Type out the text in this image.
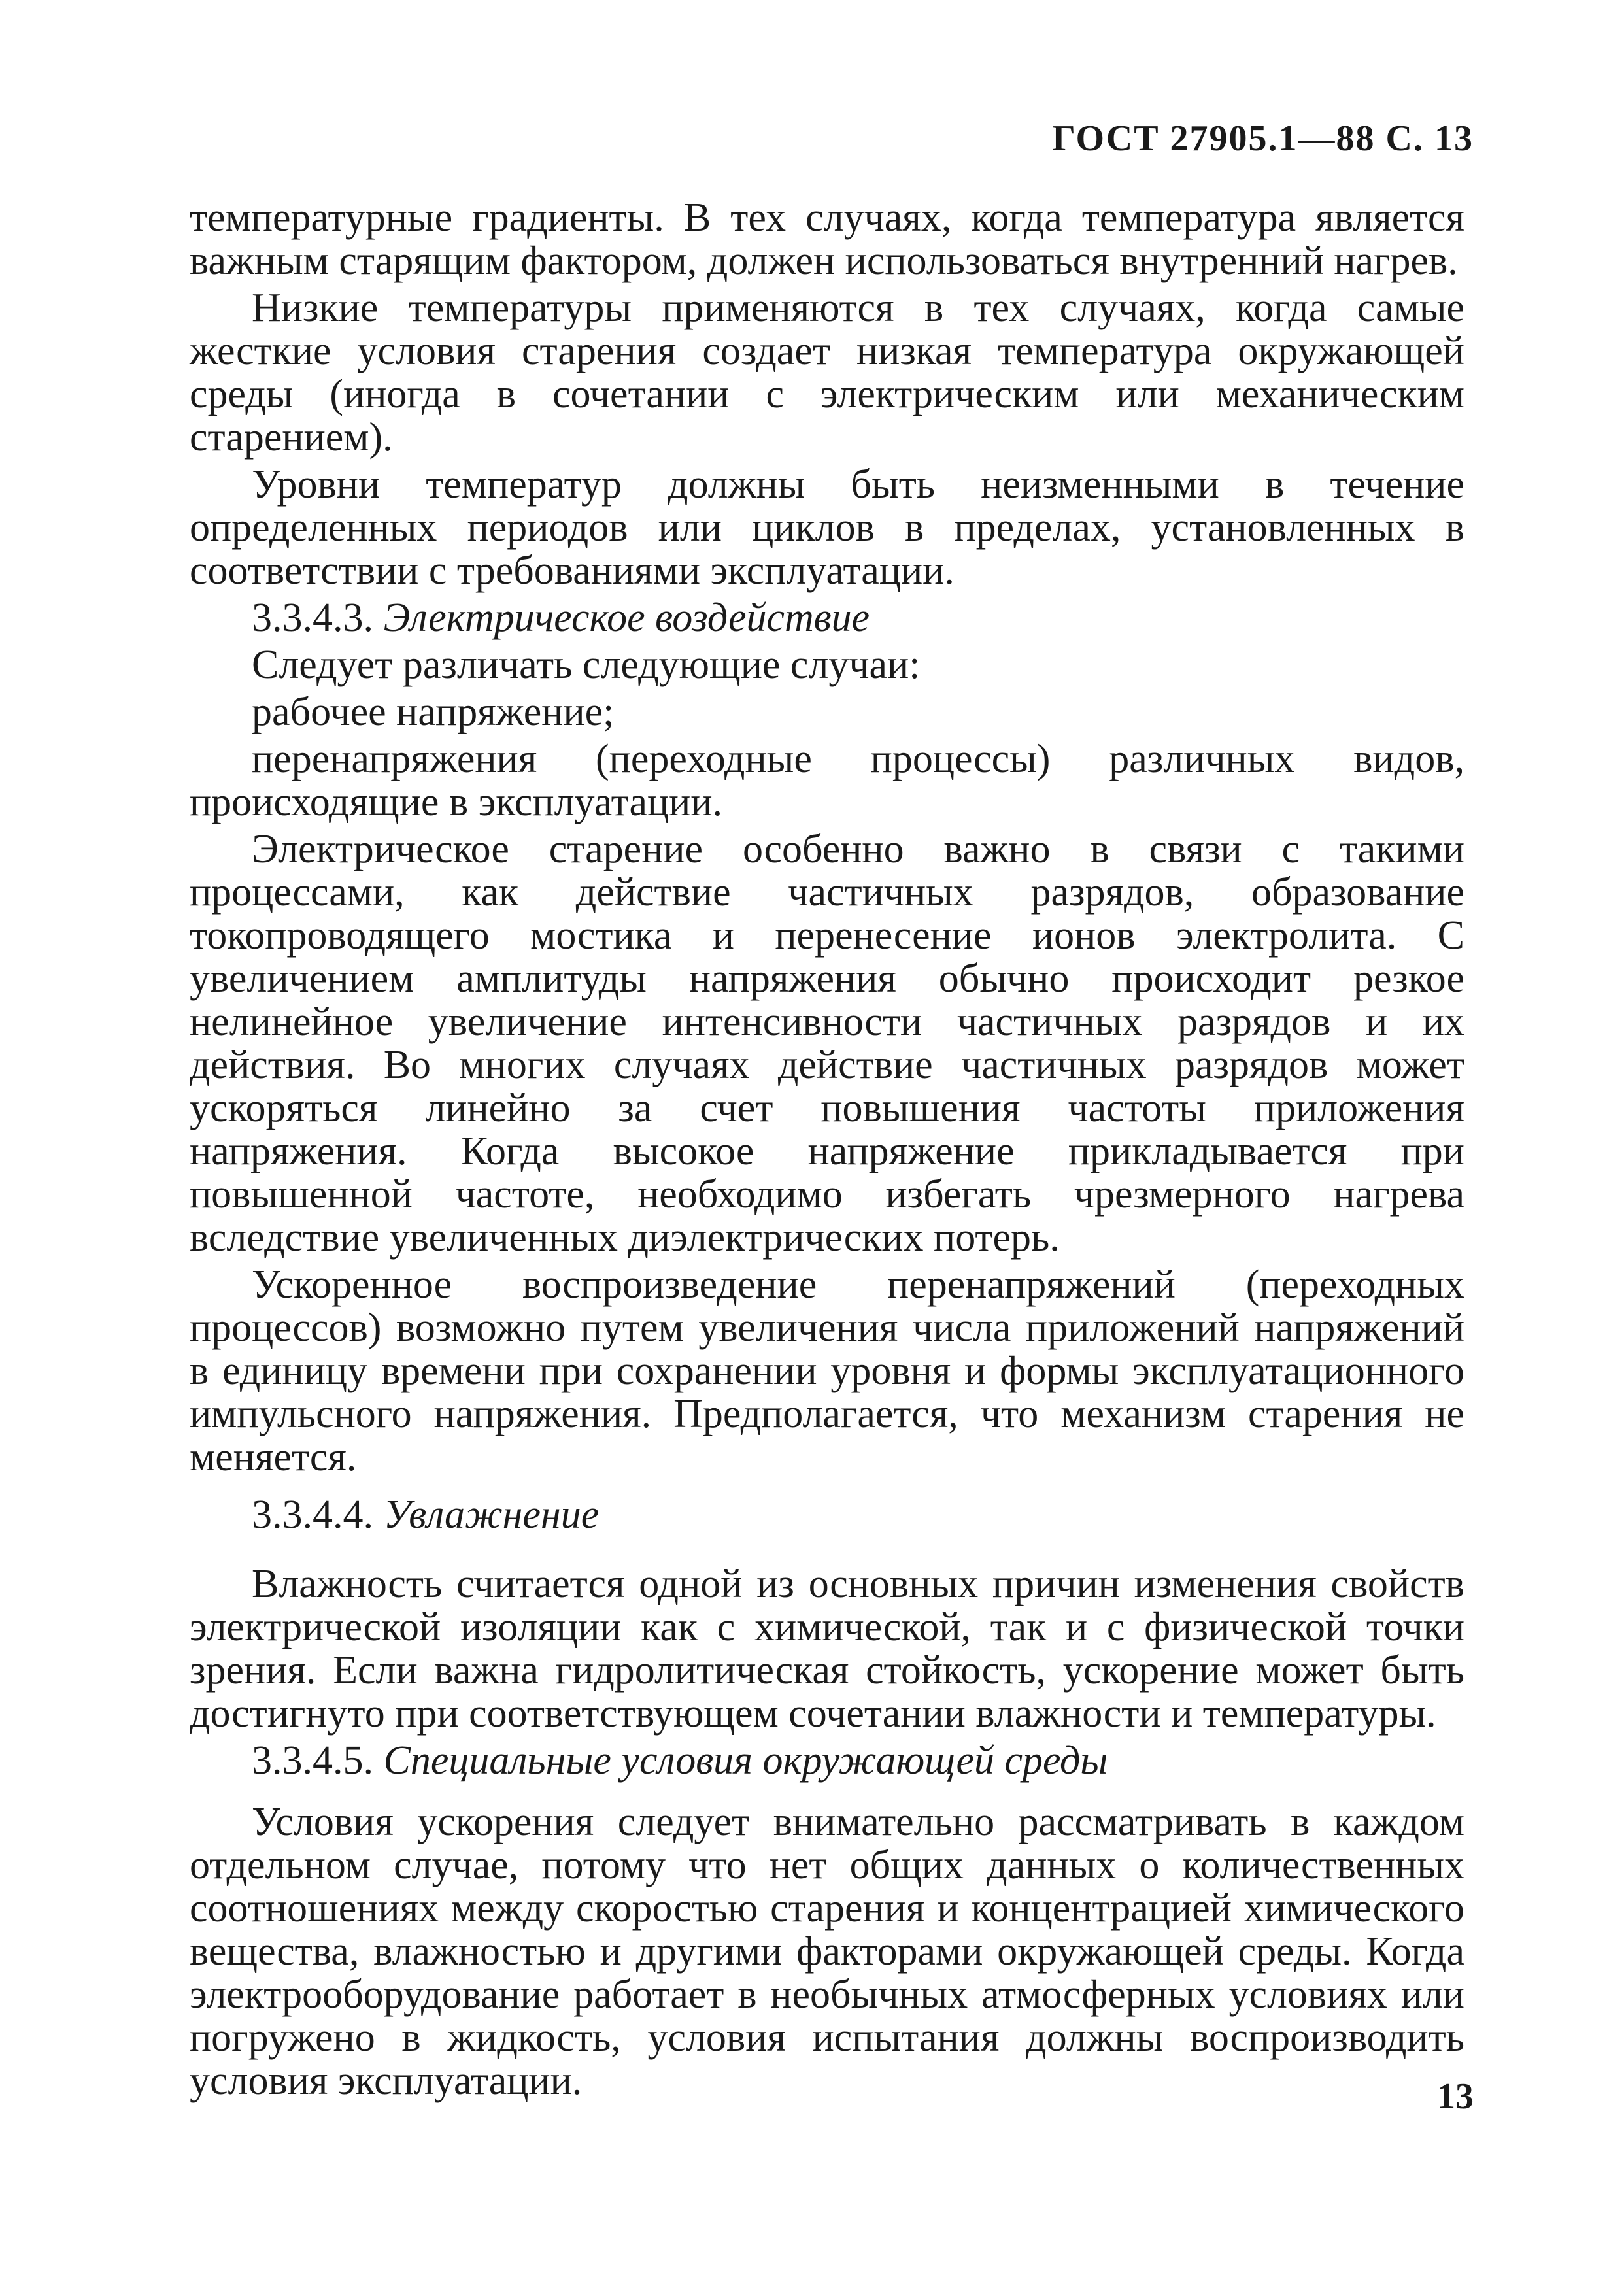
ГОСТ 27905.1—88 С. 13

температурные градиенты. В тех случаях, когда температура является важным старящим фактором, должен использоваться внутренний нагрев.

Низкие температуры применяются в тех случаях, когда самые жесткие условия старения создает низкая температура окружающей среды (иногда в сочетании с электрическим или механическим старением).

Уровни температур должны быть неизменными в течение определенных периодов или циклов в пределах, установленных в соответствии с требованиями эксплуатации.

3.3.4.3. Электрическое воздействие

Следует различать следующие случаи:

рабочее напряжение;

перенапряжения (переходные процессы) различных видов, происходящие в эксплуатации.

Электрическое старение особенно важно в связи с такими процессами, как действие частичных разрядов, образование токопроводящего мостика и перенесение ионов электролита. С увеличением амплитуды напряжения обычно происходит резкое нелинейное увеличение интенсивности частичных разрядов и их действия. Во многих случаях действие частичных разрядов может ускоряться линейно за счет повышения частоты приложения напряжения. Когда высокое напряжение прикладывается при повышенной частоте, необходимо избегать чрезмерного нагрева вследствие увеличенных диэлектрических потерь.

Ускоренное воспроизведение перенапряжений (переходных процессов) возможно путем увеличения числа приложений напряжений в единицу времени при сохранении уровня и формы эксплуатационного импульсного напряжения. Предполагается, что механизм старения не меняется.

3.3.4.4. Увлажнение

Влажность считается одной из основных причин изменения свойств электрической изоляции как с химической, так и с физической точки зрения. Если важна гидролитическая стойкость, ускорение может быть достигнуто при соответствующем сочетании влажности и температуры.

3.3.4.5. Специальные условия окружающей среды

Условия ускорения следует внимательно рассматривать в каждом отдельном случае, потому что нет общих данных о количественных соотношениях между скоростью старения и концентрацией химического вещества, влажностью и другими факторами окружающей среды. Когда электрооборудование работает в необычных атмосферных условиях или погружено в жидкость, условия испытания должны воспроизводить условия эксплуатации.	13
